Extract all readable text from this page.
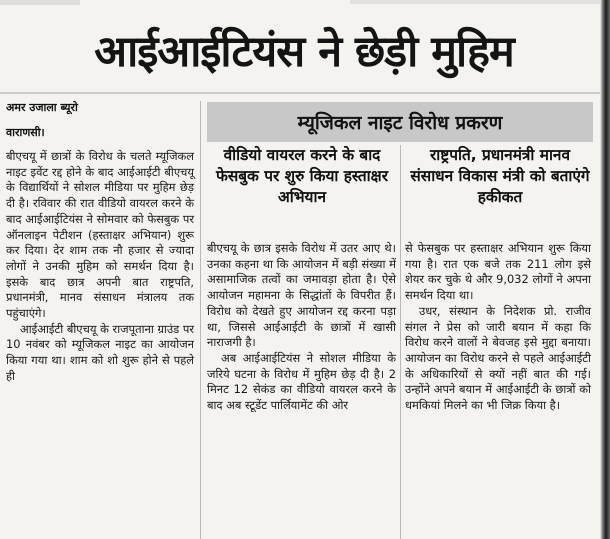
आईआईटियंस ने छेड़ी मुहिम
अमर उजाला ब्यूरो
वाराणसी।

बीएचयू में छात्रों के विरोध के चलते म्यूजिकल नाइट इवेंट रद्द होने के बाद आईआईटी बीएचयू के विद्यार्थियों ने सोशल मीडिया पर मुहिम छेड़ दी है। रविवार की रात वीडियो वायरल करने के बाद आईआईटियंस ने सोमवार को फेसबुक पर ऑनलाइन पेटीशन (हस्ताक्षर अभियान) शुरू कर दिया। देर शाम तक नौ हजार से ज्यादा लोगों ने उनकी मुहिम को समर्थन दिया है। इसके बाद छात्र अपनी बात राष्ट्रपति, प्रधानमंत्री, मानव संसाधन मंत्रालय तक पहुंचाएंगे।

आईआईटी बीएचयू के राजपूताना ग्राउंड पर 10 नवंबर को म्यूजिकल नाइट का आयोजन किया गया था। शाम को शो शुरू होने से पहले ही

म्यूजिकल नाइट विरोध प्रकरण
वीडियो वायरल करने के बाद फेसबुक पर शुरु किया हस्ताक्षर अभियान
राष्ट्रपति, प्रधानमंत्री मानव संसाधन विकास मंत्री को बताएंगे हकीकत

बीएचयू के छात्र इसके विरोध में उतर आए थे। उनका कहना था कि आयोजन में बड़ी संख्या में असामाजिक तत्वों का जमावड़ा होता है। ऐसे आयोजन महामना के सिद्धांतों के विपरीत हैं। विरोध को देखते हुए आयोजन रद्द करना पड़ा था, जिससे आईआईटी के छात्रों में खासी नाराजगी है।

अब आईआईटियंस ने सोशल मीडिया के जरिये घटना के विरोध में मुहिम छेड़ दी है। 2 मिनट 12 सेकंड का वीडियो वायरल करने के बाद अब स्टूडेंट पार्लियामेंट की ओर

से फेसबुक पर हस्ताक्षर अभियान शुरू किया गया है। रात एक बजे तक 211 लोग इसे शेयर कर चुके थे और 9,032 लोगों ने अपना समर्थन दिया था।

उधर, संस्थान के निदेशक प्रो. राजीव संगल ने प्रेस को जारी बयान में कहा कि विरोध करने वालों ने बेवजह इसे मुद्दा बनाया। आयोजन का विरोध करने से पहले आईआईटी के अधिकारियों से क्यों नहीं बात की गई। उन्होंने अपने बयान में आईआईटी के छात्रों को धमकियां मिलने का भी जिक्र किया है।
